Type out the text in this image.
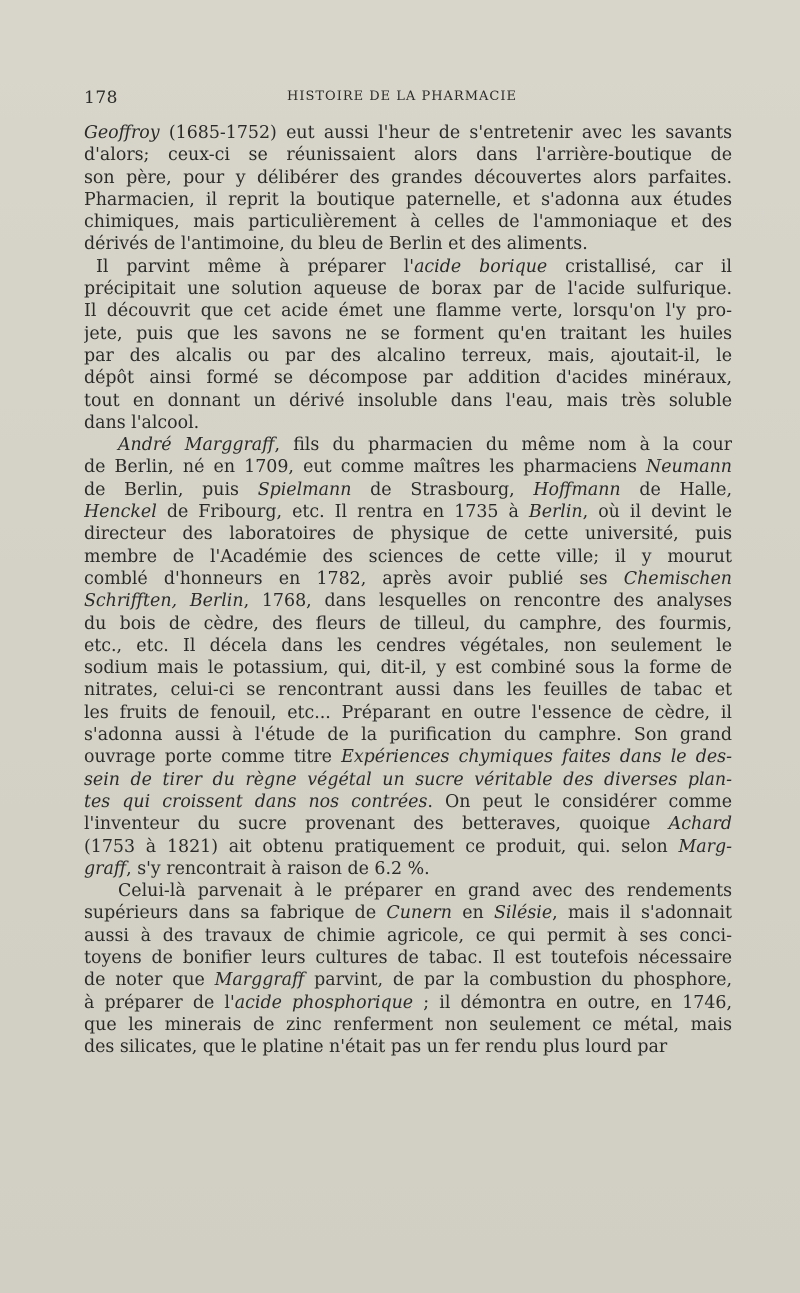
178	HISTOIRE DE LA PHARMACIE
Geoffroy (1685-1752) eut aussi l'heur de s'entretenir avec les savants
d'alors; ceux-ci se réunissaient alors dans l'arrière-boutique de
son père, pour y délibérer des grandes découvertes alors parfaites.
Pharmacien, il reprit la boutique paternelle, et s'adonna aux études
chimiques, mais particulièrement à celles de l'ammoniaque et des
dérivés de l'antimoine, du bleu de Berlin et des aliments.
Il parvint même à préparer l'acide borique cristallisé, car il
précipitait une solution aqueuse de borax par de l'acide sulfurique.
Il découvrit que cet acide émet une flamme verte, lorsqu'on l'y pro-
jete, puis que les savons ne se forment qu'en traitant les huiles
par des alcalis ou par des alcalino terreux, mais, ajoutait-il, le
dépôt ainsi formé se décompose par addition d'acides minéraux,
tout en donnant un dérivé insoluble dans l'eau, mais très soluble
dans l'alcool.
André Marggraff, fils du pharmacien du même nom à la cour
de Berlin, né en 1709, eut comme maîtres les pharmaciens Neumann
de Berlin, puis Spielmann de Strasbourg, Hoffmann de Halle,
Henckel de Fribourg, etc. Il rentra en 1735 à Berlin, où il devint le
directeur des laboratoires de physique de cette université, puis
membre de l'Académie des sciences de cette ville; il y mourut
comblé d'honneurs en 1782, après avoir publié ses Chemischen
Schrifften, Berlin, 1768, dans lesquelles on rencontre des analyses
du bois de cèdre, des fleurs de tilleul, du camphre, des fourmis,
etc., etc. Il décela dans les cendres végétales, non seulement le
sodium mais le potassium, qui, dit-il, y est combiné sous la forme de
nitrates, celui-ci se rencontrant aussi dans les feuilles de tabac et
les fruits de fenouil, etc... Préparant en outre l'essence de cèdre, il
s'adonna aussi à l'étude de la purification du camphre. Son grand
ouvrage porte comme titre Expériences chymiques faites dans le des-
sein de tirer du règne végétal un sucre véritable des diverses plan-
tes qui croissent dans nos contrées. On peut le considérer comme
l'inventeur du sucre provenant des betteraves, quoique Achard
(1753 à 1821) ait obtenu pratiquement ce produit, qui. selon Marg-
graff, s'y rencontrait à raison de 6.2 %.
Celui-là parvenait à le préparer en grand avec des rendements
supérieurs dans sa fabrique de Cunern en Silésie, mais il s'adonnait
aussi à des travaux de chimie agricole, ce qui permit à ses conci-
toyens de bonifier leurs cultures de tabac. Il est toutefois nécessaire
de noter que Marggraff parvint, de par la combustion du phosphore,
à préparer de l'acide phosphorique ; il démontra en outre, en 1746,
que les minerais de zinc renferment non seulement ce métal, mais
des silicates, que le platine n'était pas un fer rendu plus lourd par
